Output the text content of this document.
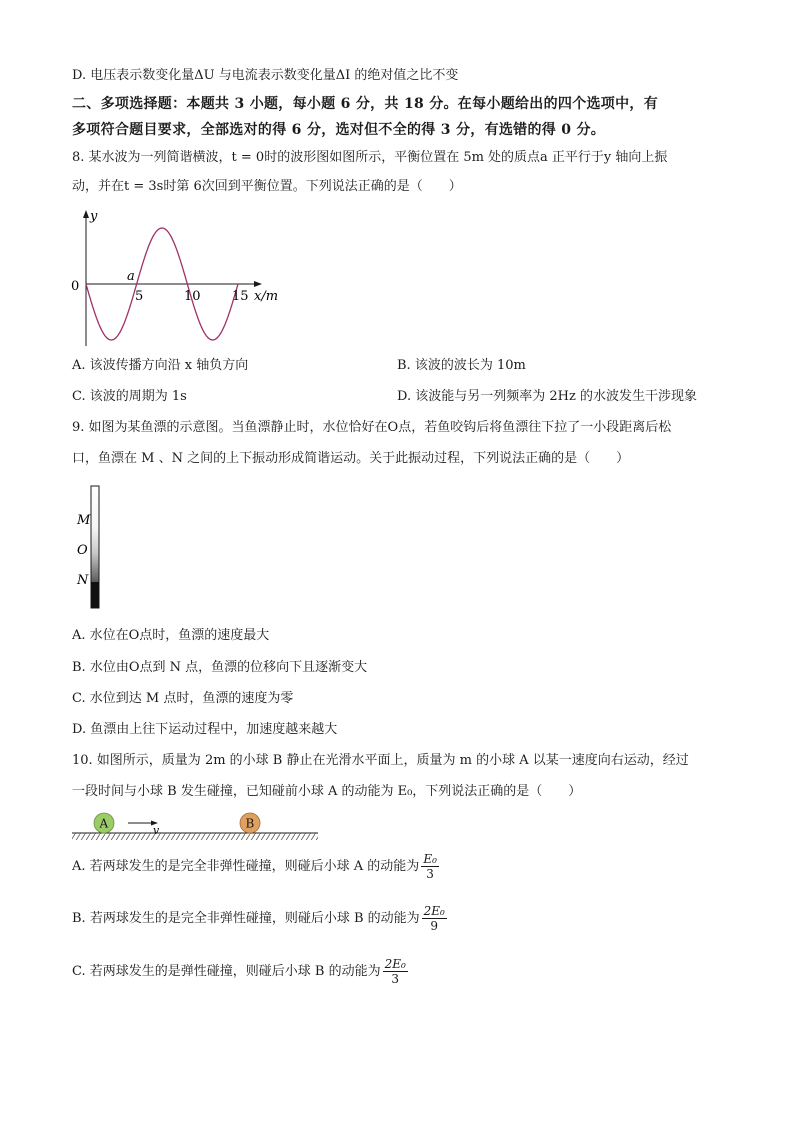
D. 电压表示数变化量ΔU 与电流表示数变化量ΔI 的绝对值之比不变
二、多项选择题：本题共 3 小题，每小题 6 分，共 18 分。在每小题给出的四个选项中，有
多项符合题目要求，全部选对的得 6 分，选对但不全的得 3 分，有选错的得 0 分。
8. 某水波为一列简谐横波，t = 0时的波形图如图所示，平衡位置在 5m 处的质点a 正平行于y 轴向上振
动，并在t = 3s时第 6次回到平衡位置。下列说法正确的是（　　）
y
0
a
5	10 15 x/m
A. 该波传播方向沿 x 轴负方向	B. 该波的波长为 10m
C. 该波的周期为 1s	D. 该波能与另一列频率为 2Hz 的水波发生干涉现象
9. 如图为某鱼漂的示意图。当鱼漂静止时，水位恰好在O点，若鱼咬钩后将鱼漂往下拉了一小段距离后松
口，鱼漂在 M 、N 之间的上下振动形成简谐运动。关于此振动过程，下列说法正确的是（　　）
M
O
N
A. 水位在O点时，鱼漂的速度最大
B. 水位由O点到 N 点，鱼漂的位移向下且逐渐变大
C. 水位到达 M 点时，鱼漂的速度为零
D. 鱼漂由上往下运动过程中，加速度越来越大
10. 如图所示，质量为 2m 的小球 B 静止在光滑水平面上，质量为 m 的小球 A 以某一速度向右运动，经过
一段时间与小球 B 发生碰撞，已知碰前小球 A 的动能为 E₀，下列说法正确的是（　　）
A	v	B
A. 若两球发生的是完全非弹性碰撞，则碰后小球 A 的动能为 $\frac{\text{E₀}}{3}$
B. 若两球发生的是完全非弹性碰撞，则碰后小球 B 的动能为 $\frac{\text{2E₀}}{9}$
C. 若两球发生的是弹性碰撞，则碰后小球 B 的动能为 $\frac{\text{2E₀}}{3}$
